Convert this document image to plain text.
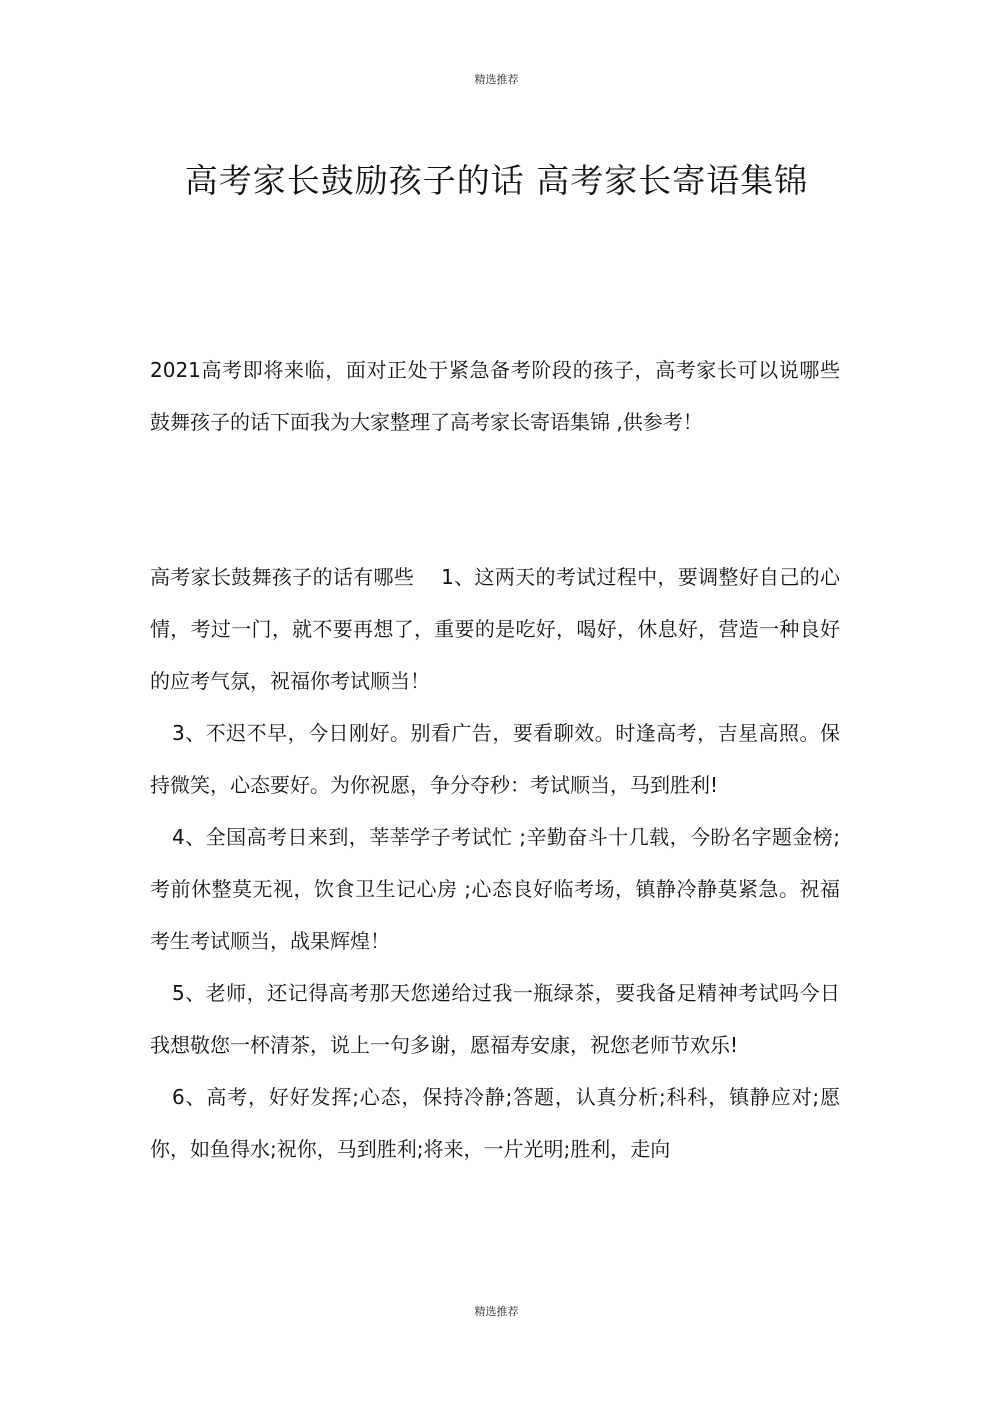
精选推荐
高考家长鼓励孩子的话 高考家长寄语集锦

2021高考即将来临，面对正处于紧急备考阶段的孩子，高考家长可以说哪些鼓舞孩子的话下面我为大家整理了高考家长寄语集锦 ,供参考！

高考家长鼓舞孩子的话有哪些　 1、这两天的考试过程中，要调整好自己的心情，考过一门，就不要再想了，重要的是吃好，喝好，休息好，营造一种良好的应考气氛，祝福你考试顺当！

3、不迟不早，今日刚好。别看广告，要看聊效。时逢高考，吉星高照。保持微笑，心态要好。为你祝愿，争分夺秒：考试顺当，马到胜利!

4、全国高考日来到，莘莘学子考试忙 ;辛勤奋斗十几载，今盼名字题金榜;考前休整莫无视，饮食卫生记心房 ;心态良好临考场，镇静冷静莫紧急。祝福考生考试顺当，战果辉煌！

5、老师，还记得高考那天您递给过我一瓶绿茶，要我备足精神考试吗今日我想敬您一杯清茶，说上一句多谢，愿福寿安康，祝您老师节欢乐!

6、高考，好好发挥;心态，保持冷静;答题，认真分析;科科，镇静应对;愿你，如鱼得水;祝你，马到胜利;将来，一片光明;胜利，走向

精选推荐
